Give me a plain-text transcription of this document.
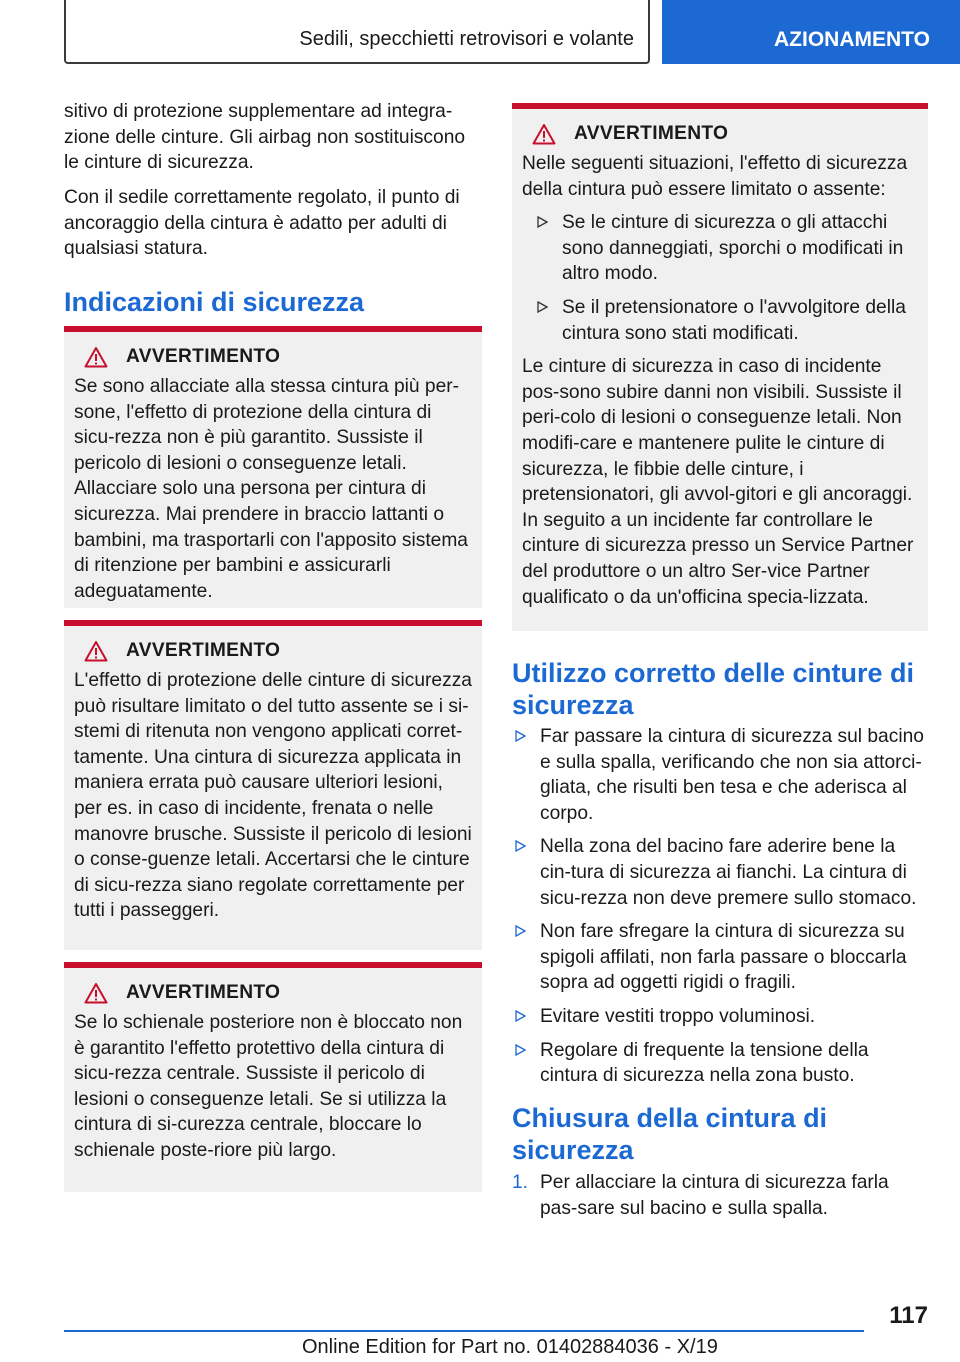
Sedili, specchietti retrovisori e volante	AZIONAMENTO

sitivo di protezione supplementare ad integra‐zione delle cinture. Gli airbag non sostituiscono le cinture di sicurezza.

Con il sedile correttamente regolato, il punto di ancoraggio della cintura è adatto per adulti di qualsiasi statura.

Indicazioni di sicurezza
AVVERTIMENTO

Se sono allacciate alla stessa cintura più per‐sone, l'effetto di protezione della cintura di sicu‐rezza non è più garantito. Sussiste il pericolo di lesioni o conseguenze letali. Allacciare solo una persona per cintura di sicurezza. Mai prendere in braccio lattanti o bambini, ma trasportarli con l'apposito sistema di ritenzione per bambini e assicurarli adeguatamente.

AVVERTIMENTO

L'effetto di protezione delle cinture di sicurezza può risultare limitato o del tutto assente se i si‐stemi di ritenuta non vengono applicati corret‐tamente. Una cintura di sicurezza applicata in maniera errata può causare ulteriori lesioni, per es. in caso di incidente, frenata o nelle manovre brusche. Sussiste il pericolo di lesioni o conse‐guenze letali. Accertarsi che le cinture di sicu‐rezza siano regolate correttamente per tutti i passeggeri.

AVVERTIMENTO

Se lo schienale posteriore non è bloccato non è garantito l'effetto protettivo della cintura di sicu‐rezza centrale. Sussiste il pericolo di lesioni o conseguenze letali. Se si utilizza la cintura di si‐curezza centrale, bloccare lo schienale poste‐riore più largo.

AVVERTIMENTO

Nelle seguenti situazioni, l'effetto di sicurezza della cintura può essere limitato o assente:

Se le cinture di sicurezza o gli attacchi sono danneggiati, sporchi o modificati in altro modo.
Se il pretensionatore o l'avvolgitore della cintura sono stati modificati.

Le cinture di sicurezza in caso di incidente pos‐sono subire danni non visibili. Sussiste il peri‐colo di lesioni o conseguenze letali. Non modifi‐care e mantenere pulite le cinture di sicurezza, le fibbie delle cinture, i pretensionatori, gli avvol‐gitori e gli ancoraggi. In seguito a un incidente far controllare le cinture di sicurezza presso un Service Partner del produttore o un altro Ser‐vice Partner qualificato o da un'officina specia‐lizzata.

Utilizzo corretto delle cinture di sicurezza
Far passare la cintura di sicurezza sul bacino e sulla spalla, verificando che non sia attorci‐gliata, che risulti ben tesa e che aderisca al corpo.
Nella zona del bacino fare aderire bene la cin‐tura di sicurezza ai fianchi. La cintura di sicu‐rezza non deve premere sullo stomaco.
Non fare sfregare la cintura di sicurezza su spigoli affilati, non farla passare o bloccarla sopra ad oggetti rigidi o fragili.
Evitare vestiti troppo voluminosi.
Regolare di frequente la tensione della cintura di sicurezza nella zona busto.
Chiusura della cintura di sicurezza
1. Per allacciare la cintura di sicurezza farla pas‐sare sul bacino e sulla spalla.
117
Online Edition for Part no. 01402884036 - X/19
